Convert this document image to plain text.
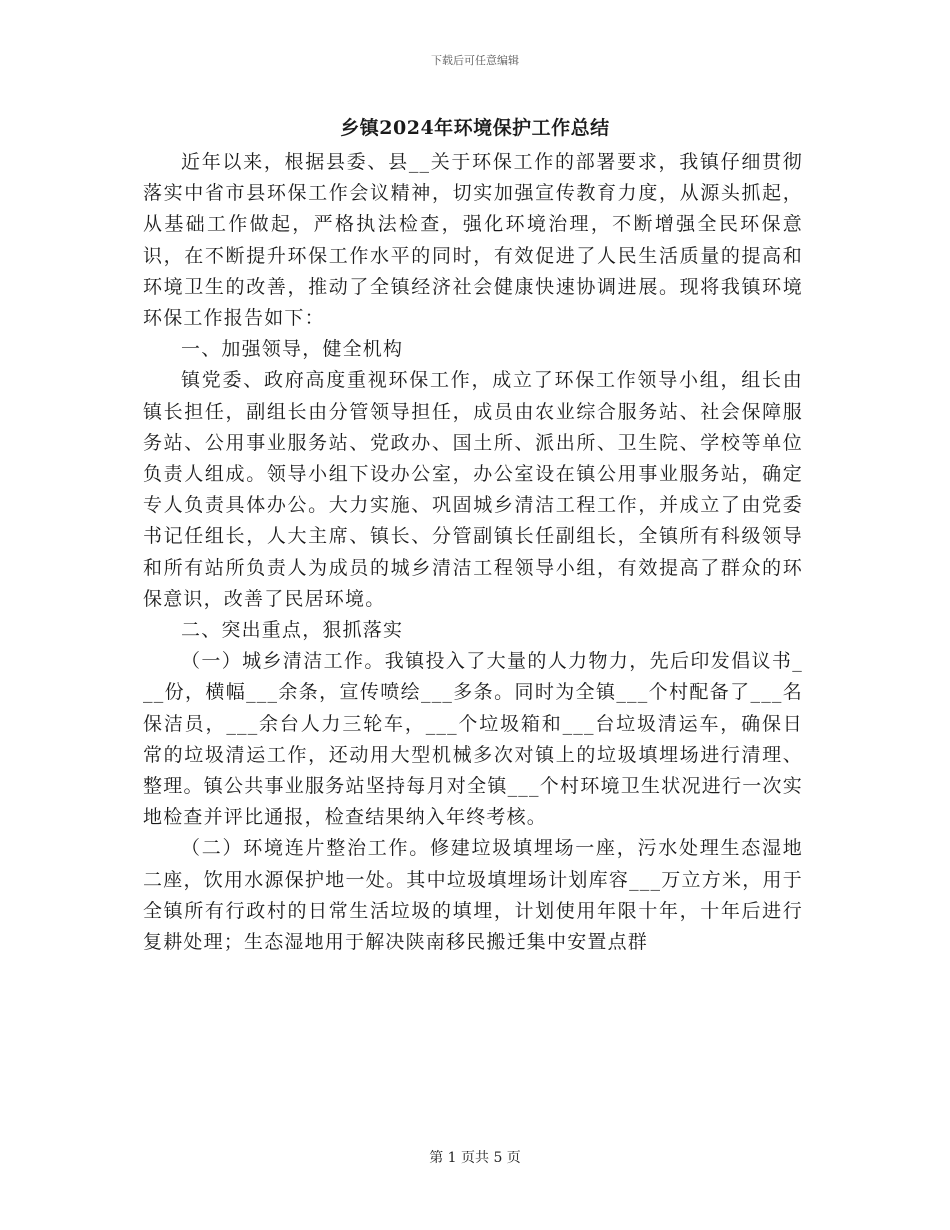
下载后可任意编辑
乡镇2024年环境保护工作总结

近年以来，根据县委、县__关于环保工作的部署要求，我镇仔细贯彻落实中省市县环保工作会议精神，切实加强宣传教育力度，从源头抓起，从基础工作做起，严格执法检查，强化环境治理，不断增强全民环保意识，在不断提升环保工作水平的同时，有效促进了人民生活质量的提高和环境卫生的改善，推动了全镇经济社会健康快速协调进展。现将我镇环境环保工作报告如下：

一、加强领导，健全机构

镇党委、政府高度重视环保工作，成立了环保工作领导小组，组长由镇长担任，副组长由分管领导担任，成员由农业综合服务站、社会保障服务站、公用事业服务站、党政办、国土所、派出所、卫生院、学校等单位负责人组成。领导小组下设办公室，办公室设在镇公用事业服务站，确定专人负责具体办公。大力实施、巩固城乡清洁工程工作，并成立了由党委书记任组长，人大主席、镇长、分管副镇长任副组长，全镇所有科级领导和所有站所负责人为成员的城乡清洁工程领导小组，有效提高了群众的环保意识，改善了民居环境。

二、突出重点，狠抓落实

（一）城乡清洁工作。我镇投入了大量的人力物力，先后印发倡议书___份，横幅___余条，宣传喷绘___多条。同时为全镇___个村配备了___名保洁员，___余台人力三轮车，___个垃圾箱和___台垃圾清运车，确保日常的垃圾清运工作，还动用大型机械多次对镇上的垃圾填埋场进行清理、整理。镇公共事业服务站坚持每月对全镇___个村环境卫生状况进行一次实地检查并评比通报，检查结果纳入年终考核。

（二）环境连片整治工作。修建垃圾填埋场一座，污水处理生态湿地二座，饮用水源保护地一处。其中垃圾填埋场计划库容___万立方米，用于全镇所有行政村的日常生活垃圾的填埋，计划使用年限十年，十年后进行复耕处理；生态湿地用于解决陕南移民搬迁集中安置点群

第 1 页共 5 页
